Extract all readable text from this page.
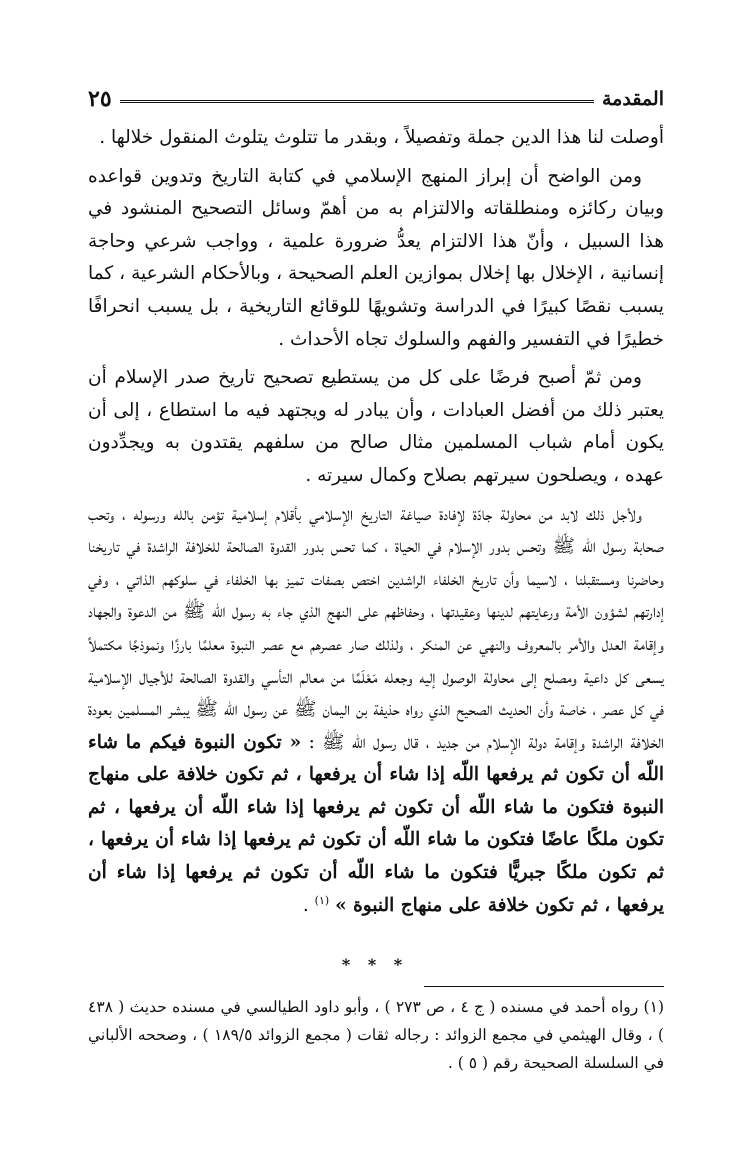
المقدمة
٢٥

أوصلت لنا هذا الدين جملة وتفصيلاً ، وبقدر ما تتلوث يتلوث المنقول خلالها .

ومن الواضح أن إبراز المنهج الإسلامي في كتابة التاريخ وتدوين قواعده وبيان ركائزه ومنطلقاته والالتزام به من أهمّ وسائل التصحيح المنشود في هذا السبيل ، وأنّ هذا الالتزام يعدُّ ضرورة علمية ، وواجب شرعي وحاجة إنسانية ، الإخلال بها إخلال بموازين العلم الصحيحة ، وبالأحكام الشرعية ، كما يسبب نقصًا كبيرًا في الدراسة وتشويهًا للوقائع التاريخية ، بل يسبب انحرافًا خطيرًا في التفسير والفهم والسلوك تجاه الأحداث .

ومن ثمّ أصبح فرضًا على كل من يستطيع تصحيح تاريخ صدر الإسلام أن يعتبر ذلك من أفضل العبادات ، وأن يبادر له ويجتهد فيه ما استطاع ، إلى أن يكون أمام شباب المسلمين مثال صالح من سلفهم يقتدون به ويجدِّدون عهده ، ويصلحون سيرتهم بصلاح وكمال سيرته .

ولأجل ذلك لابد من محاولة جادّة لإفادة صياغة التاريخ الإسلامي بأقلام إسلامية تؤمن بالله ورسوله ، وتحب صحابة رسول الله ﷺ وتحس بدور الإسلام في الحياة ، كما تحس بدور القدوة الصالحة للخلافة الراشدة في تاريخنا وحاضرنا ومستقبلنا ، لاسيما وأن تاريخ الخلفاء الراشدين اختص بصفات تميز بها الخلفاء في سلوكهم الذاتي ، وفي إدارتهم لشؤون الأمة ورعايتهم لدينها وعقيدتها ، وحفاظهم على النهج الذي جاء به رسول الله ﷺ من الدعوة والجهاد وإقامة العدل والأمر بالمعروف والنهي عن المنكر ، ولذلك صار عصرهم مع عصر النبوة معلمًا بارزًا ونموذجًا مكتملاً يسعى كل داعية ومصلح إلى محاولة الوصول إليه وجعله مَعْلَمًا من معالم التأسي والقدوة الصالحة للأجيال الإسلامية في كل عصر ، خاصة وأن الحديث الصحيح الذي رواه حذيفة بن اليمان ﷺ عن رسول الله ﷺ يبشر المسلمين بعودة الخلافة الراشدة وإقامة دولة الإسلام من جديد ، قال رسول الله ﷺ : « تكون النبوة فيكم ما شاء اللّه أن تكون ثم يرفعها اللّه إذا شاء أن يرفعها ، ثم تكون خلافة على منهاج النبوة فتكون ما شاء اللّه أن تكون ثم يرفعها إذا شاء اللّه أن يرفعها ، ثم تكون ملكًا عاضًا فتكون ما شاء اللّه أن تكون ثم يرفعها إذا شاء أن يرفعها ، ثم تكون ملكًا جبريًّا فتكون ما شاء اللّه أن تكون ثم يرفعها إذا شاء أن يرفعها ، ثم تكون خلافة على منهاج النبوة » $^{(١)}$ .

* * *
(١) رواه أحمد في مسنده ( ج ٤ ، ص ٢٧٣ ) ، وأبو داود الطيالسي في مسنده حديث ( ٤٣٨ ) ، وقال الهيثمي في مجمع الزوائد : رجاله ثقات ( مجمع الزوائد ١٨٩/٥ ) ، وصححه الألباني في السلسلة الصحيحة رقم ( ٥ ) .
